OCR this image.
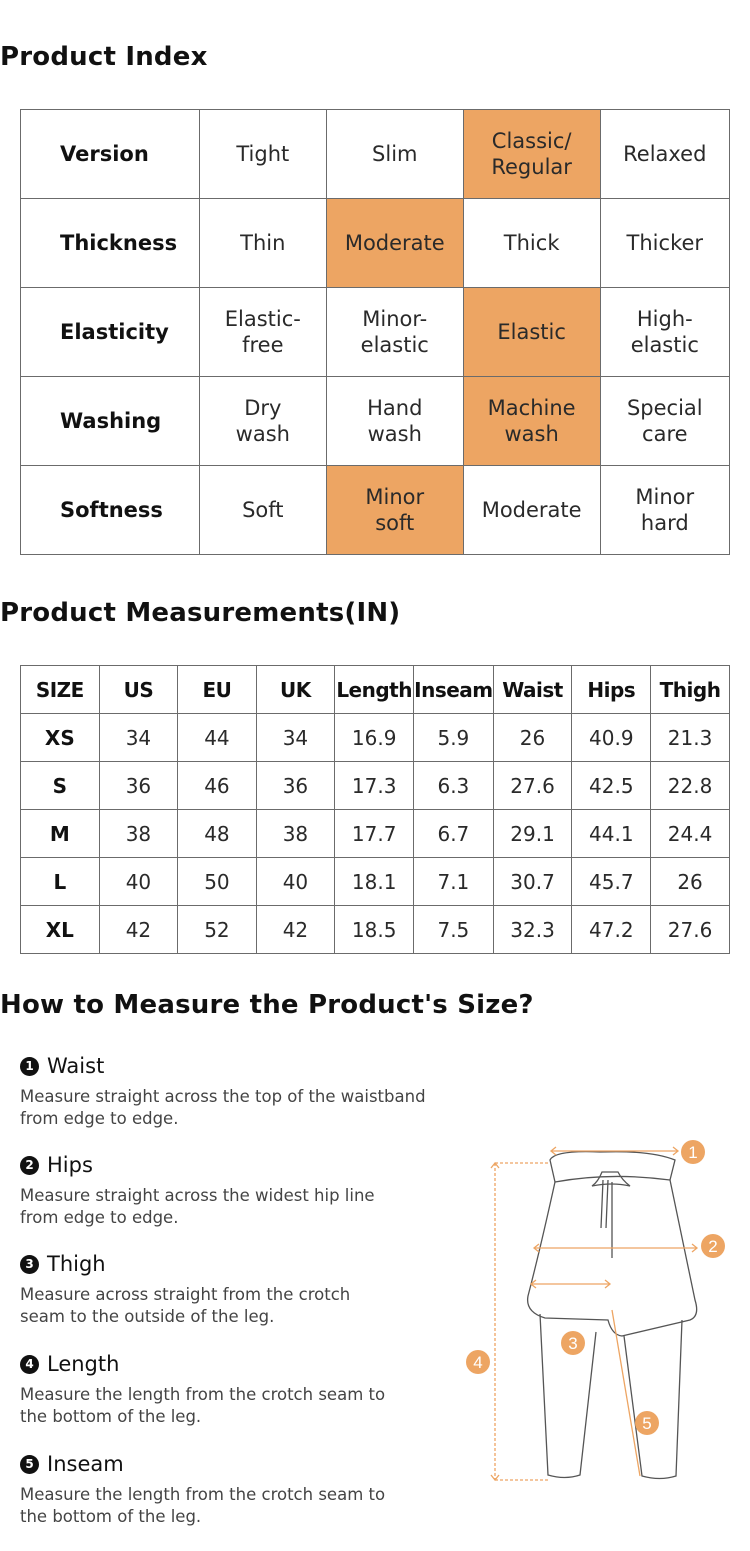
Product Index
Version	Tight	Slim	Classic/ Regular	Relaxed
Thickness	Thin	Moderate	Thick	Thicker
Elasticity	Elastic- free	Minor- elastic	Elastic	High- elastic
Washing	Dry wash	Hand wash	Machine wash	Special care
Softness	Soft	Minor soft	Moderate	Minor hard
Product Measurements(IN)
SIZE	US	EU	UK	Length	Inseam	Waist	Hips	Thigh
XS	34	44	34	16.9	5.9	26	40.9	21.3
S	36	46	36	17.3	6.3	27.6	42.5	22.8
M	38	48	38	17.7	6.7	29.1	44.1	24.4
L	40	50	40	18.1	7.1	30.7	45.7	26
XL	42	52	42	18.5	7.5	32.3	47.2	27.6
How to Measure the Product's Size?
1 Waist
Measure straight across the top of the waistband from edge to edge.
2 Hips
Measure straight across the widest hip line from edge to edge.
3 Thigh
Measure across straight from the crotch seam to the outside of the leg.
4 Length
Measure the length from the crotch seam to the bottom of the leg.
5 Inseam
Measure the length from the crotch seam to the bottom of the leg.
1
2
3
4
5
